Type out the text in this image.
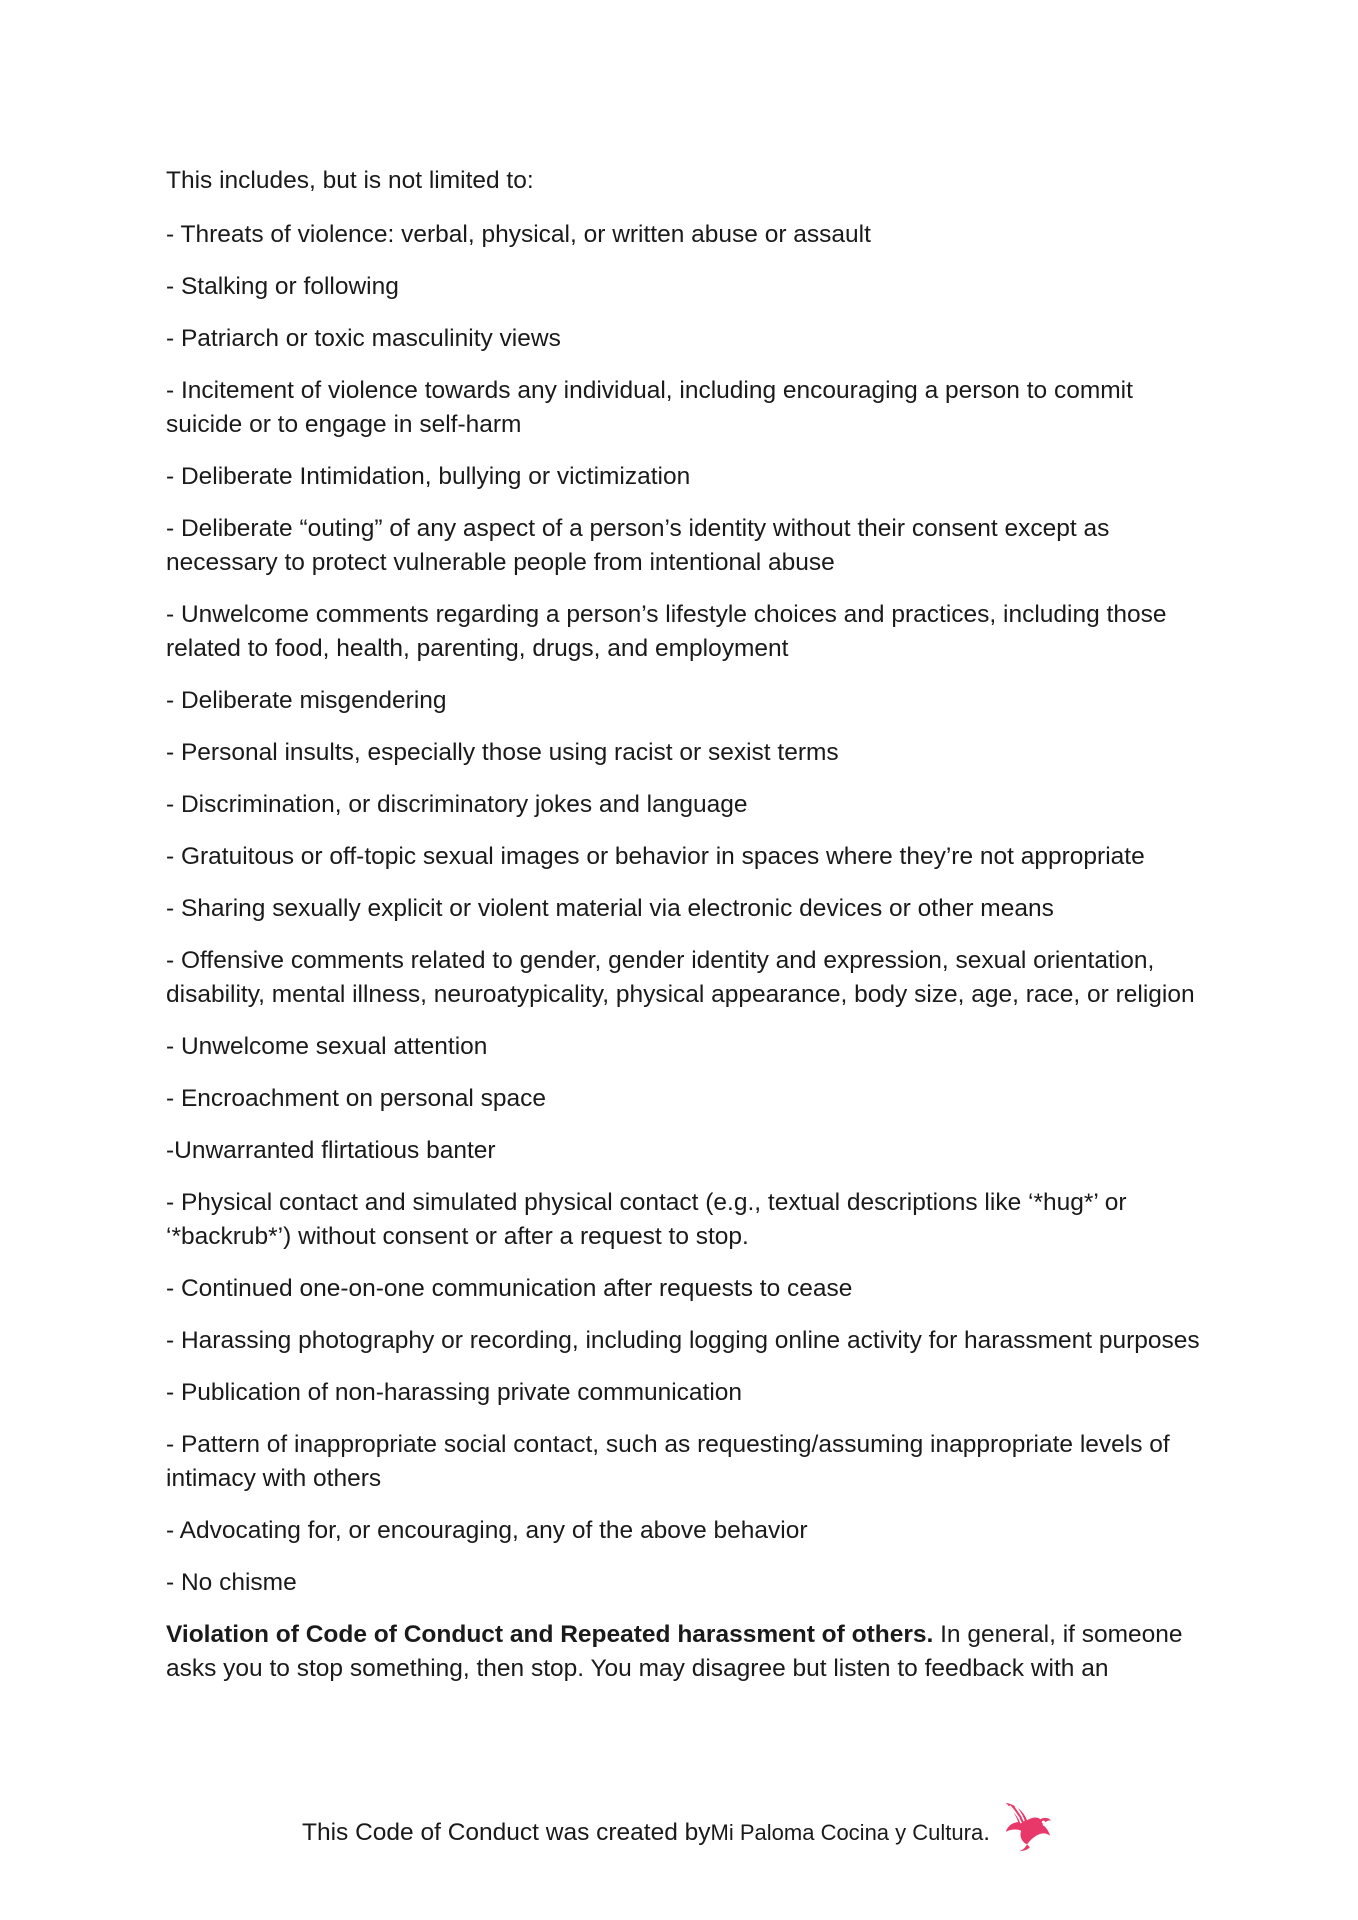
This includes, but is not limited to:

- Threats of violence: verbal, physical, or written abuse or assault

- Stalking or following

- Patriarch or toxic masculinity views

- Incitement of violence towards any individual, including encouraging a person to commit suicide or to engage in self-harm

- Deliberate Intimidation, bullying or victimization

- Deliberate “outing” of any aspect of a person’s identity without their consent except as necessary to protect vulnerable people from intentional abuse

- Unwelcome comments regarding a person’s lifestyle choices and practices, including those related to food, health, parenting, drugs, and employment

- Deliberate misgendering

- Personal insults, especially those using racist or sexist terms

- Discrimination, or discriminatory jokes and language

- Gratuitous or off-topic sexual images or behavior in spaces where they’re not appropriate

- Sharing sexually explicit or violent material via electronic devices or other means

- Offensive comments related to gender, gender identity and expression, sexual orientation, disability, mental illness, neuroatypicality, physical appearance, body size, age, race, or religion

- Unwelcome sexual attention

- Encroachment on personal space

-Unwarranted flirtatious banter

- Physical contact and simulated physical contact (e.g., textual descriptions like ‘*hug*’ or ‘*backrub*’) without consent or after a request to stop.

- Continued one-on-one communication after requests to cease

- Harassing photography or recording, including logging online activity for harassment purposes

- Publication of non-harassing private communication

- Pattern of inappropriate social contact, such as requesting/assuming inappropriate levels of intimacy with others

- Advocating for, or encouraging, any of the above behavior

- No chisme

Violation of Code of Conduct and Repeated harassment of others. In general, if someone asks you to stop something, then stop. You may disagree but listen to feedback with an

This Code of Conduct was created by Mi Paloma Cocina y Cultura .
